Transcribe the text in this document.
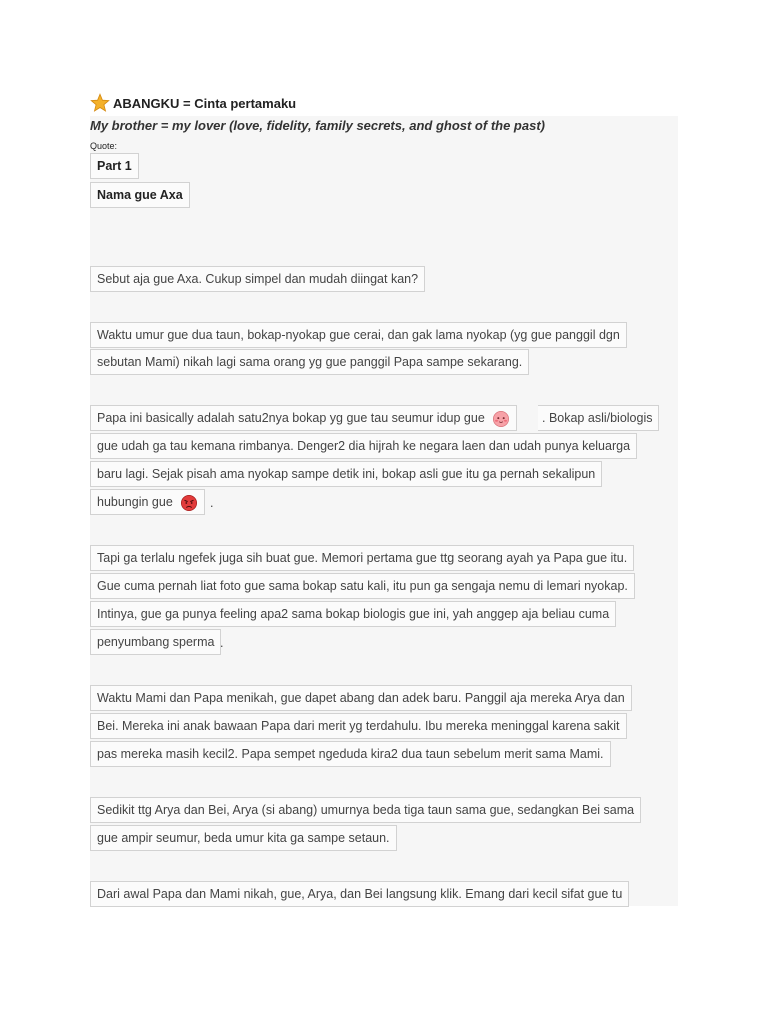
ABANGKU = Cinta pertamaku
My brother = my lover (love, fidelity, family secrets, and ghost of the past)
Quote:
Part 1
Nama gue Axa
Sebut aja gue Axa. Cukup simpel dan mudah diingat kan?
Waktu umur gue dua taun, bokap-nyokap gue cerai, dan gak lama nyokap (yg gue panggil dgn
sebutan Mami) nikah lagi sama orang yg gue panggil Papa sampe sekarang.
Papa ini basically adalah satu2nya bokap yg gue tau seumur idup gue	. Bokap asli/biologis
gue udah ga tau kemana rimbanya. Denger2 dia hijrah ke negara laen dan udah punya keluarga
baru lagi. Sejak pisah ama nyokap sampe detik ini, bokap asli gue itu ga pernah sekalipun
hubungin gue	.
Tapi ga terlalu ngefek juga sih buat gue. Memori pertama gue ttg seorang ayah ya Papa gue itu.
Gue cuma pernah liat foto gue sama bokap satu kali, itu pun ga sengaja nemu di lemari nyokap.
Intinya, gue ga punya feeling apa2 sama bokap biologis gue ini, yah anggep aja beliau cuma
penyumbang sperma .
Waktu Mami dan Papa menikah, gue dapet abang dan adek baru. Panggil aja mereka Arya dan
Bei. Mereka ini anak bawaan Papa dari merit yg terdahulu. Ibu mereka meninggal karena sakit
pas mereka masih kecil2. Papa sempet ngeduda kira2 dua taun sebelum merit sama Mami.
Sedikit ttg Arya dan Bei, Arya (si abang) umurnya beda tiga taun sama gue, sedangkan Bei sama
gue ampir seumur, beda umur kita ga sampe setaun.
Dari awal Papa dan Mami nikah, gue, Arya, dan Bei langsung klik. Emang dari kecil sifat gue tu
